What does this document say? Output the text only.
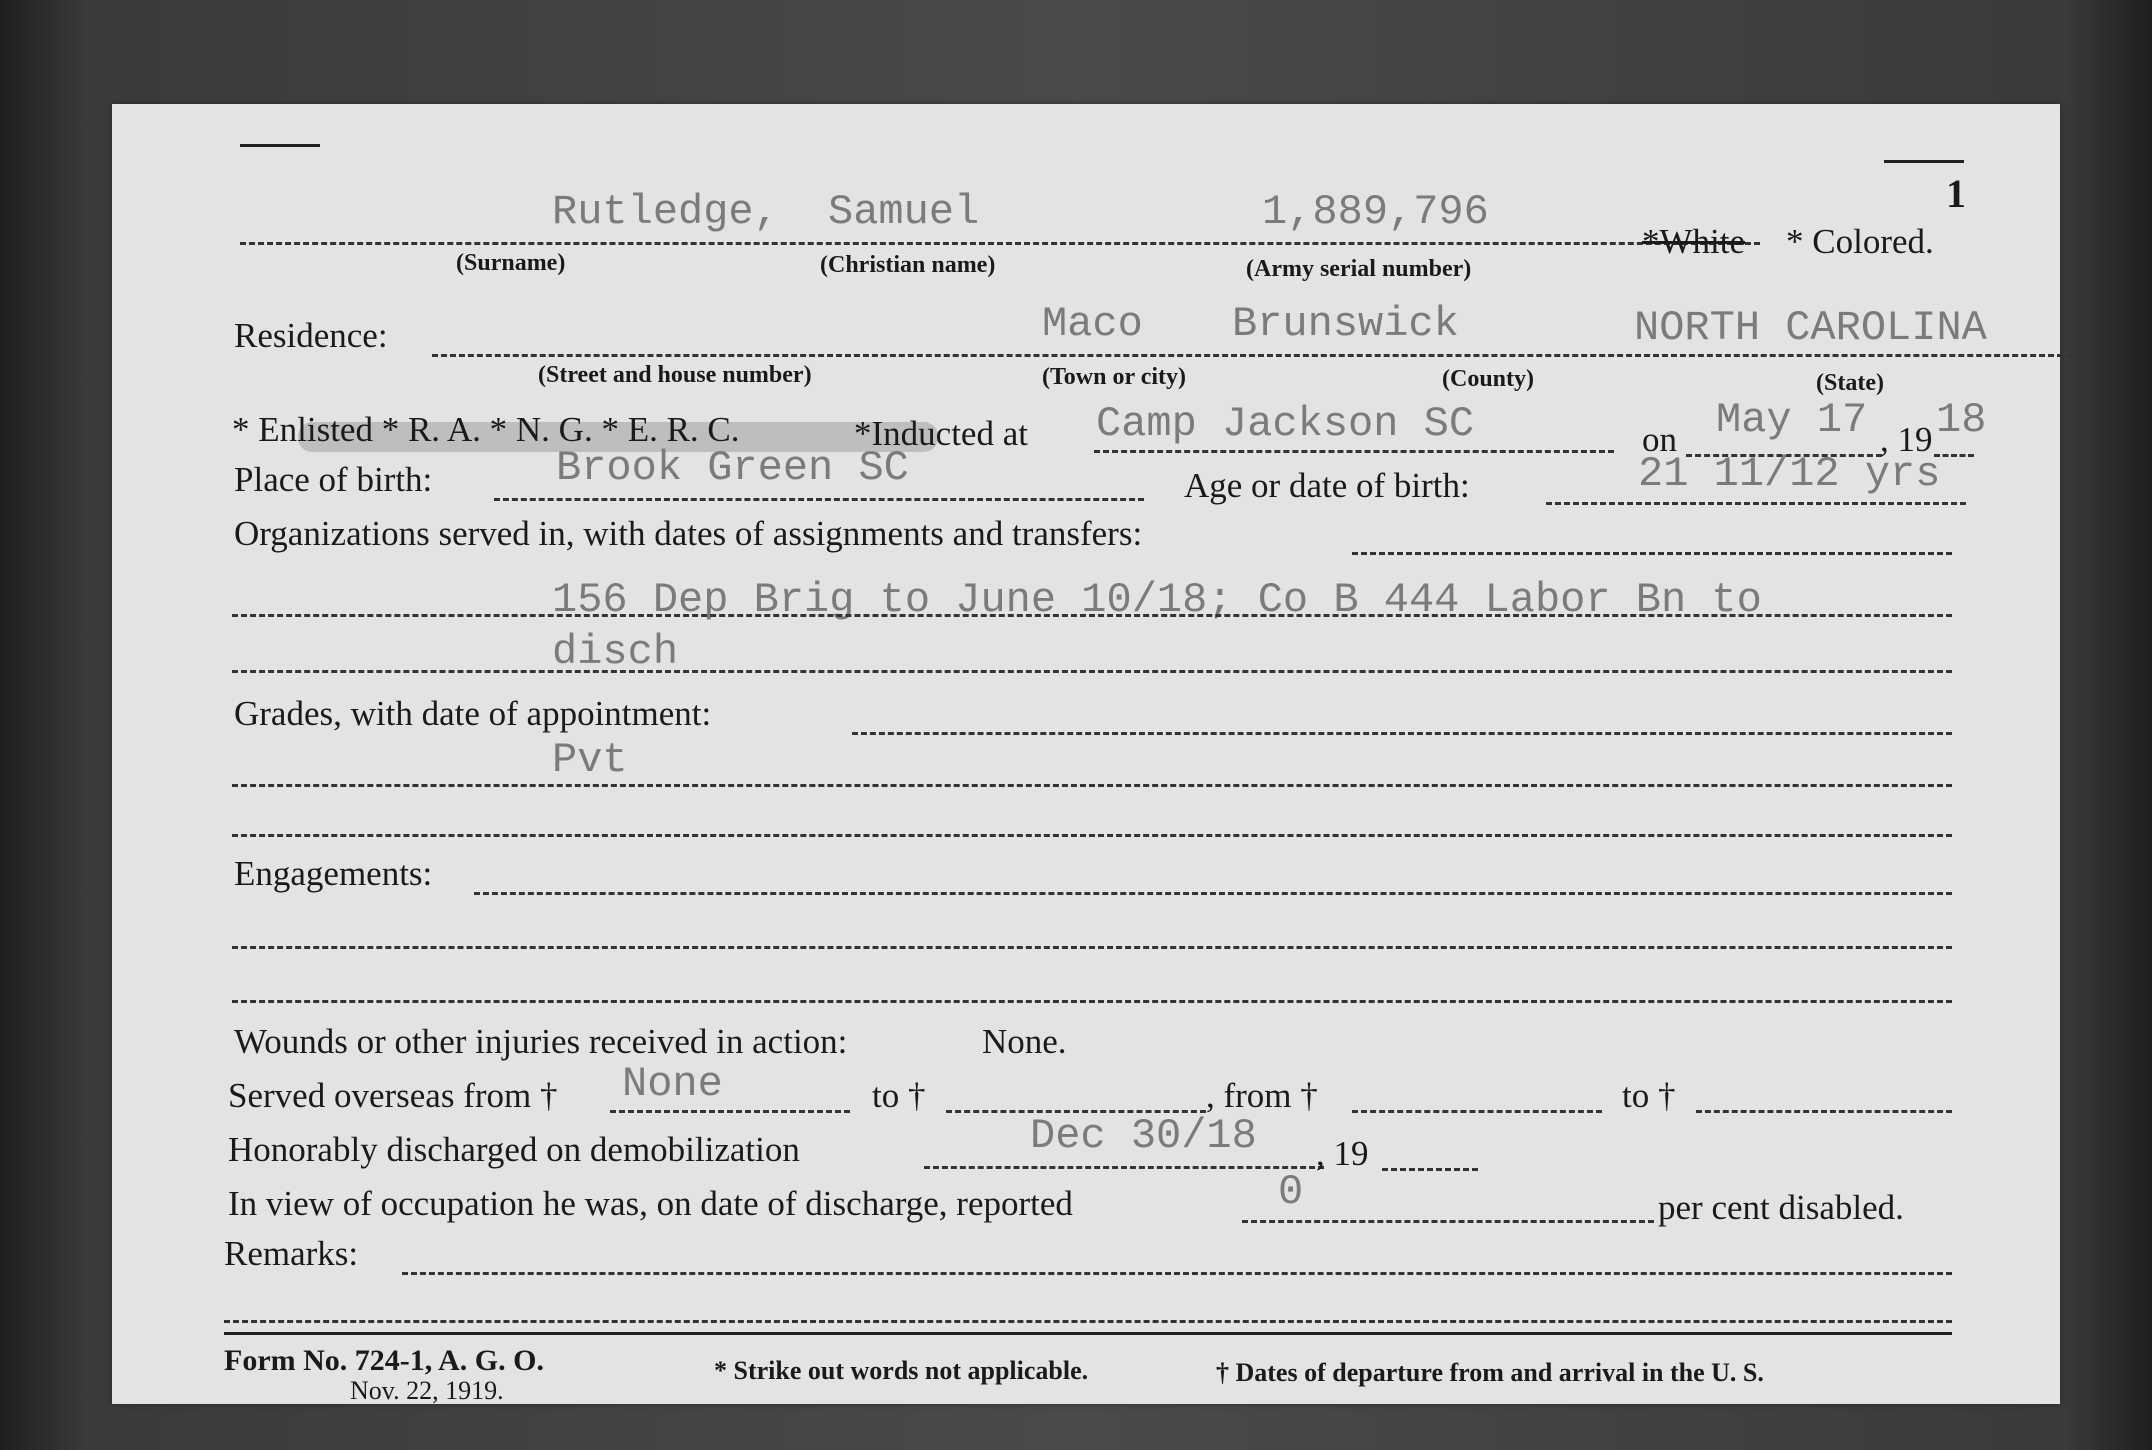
1
Rutledge, Samuel	1,889,796
*White * Colored.
(Surname)	(Christian name)	(Army serial number)
Residence:	Maco Brunswick	NORTH CAROLINA
(Street and house number)	(Town or city)	(County)	(State)
* Enlisted * R. A. * N. G. * E. R. C.	*Inducted at Camp Jackson SC	on May 17 18
, 19
Place of birth:	Brook Green SC	Age or date of birth:	21 11/12 yrs
Organizations served in, with dates of assignments and transfers:
156 Dep Brig to June 10/18; Co B 444 Labor Bn to
disch
Grades, with date of appointment:
Pvt
Engagements:
Wounds or other injuries received in action:	None.
Served overseas from † None	to †	, from †	to †
Honorably discharged on demobilization	Dec 30/18 , 19
In view of occupation he was, on date of discharge, reported	0	per cent disabled.
Remarks:
Form No. 724-1, A. G. O.
Nov. 22, 1919.
* Strike out words not applicable.	† Dates of departure from and arrival in the U. S.
